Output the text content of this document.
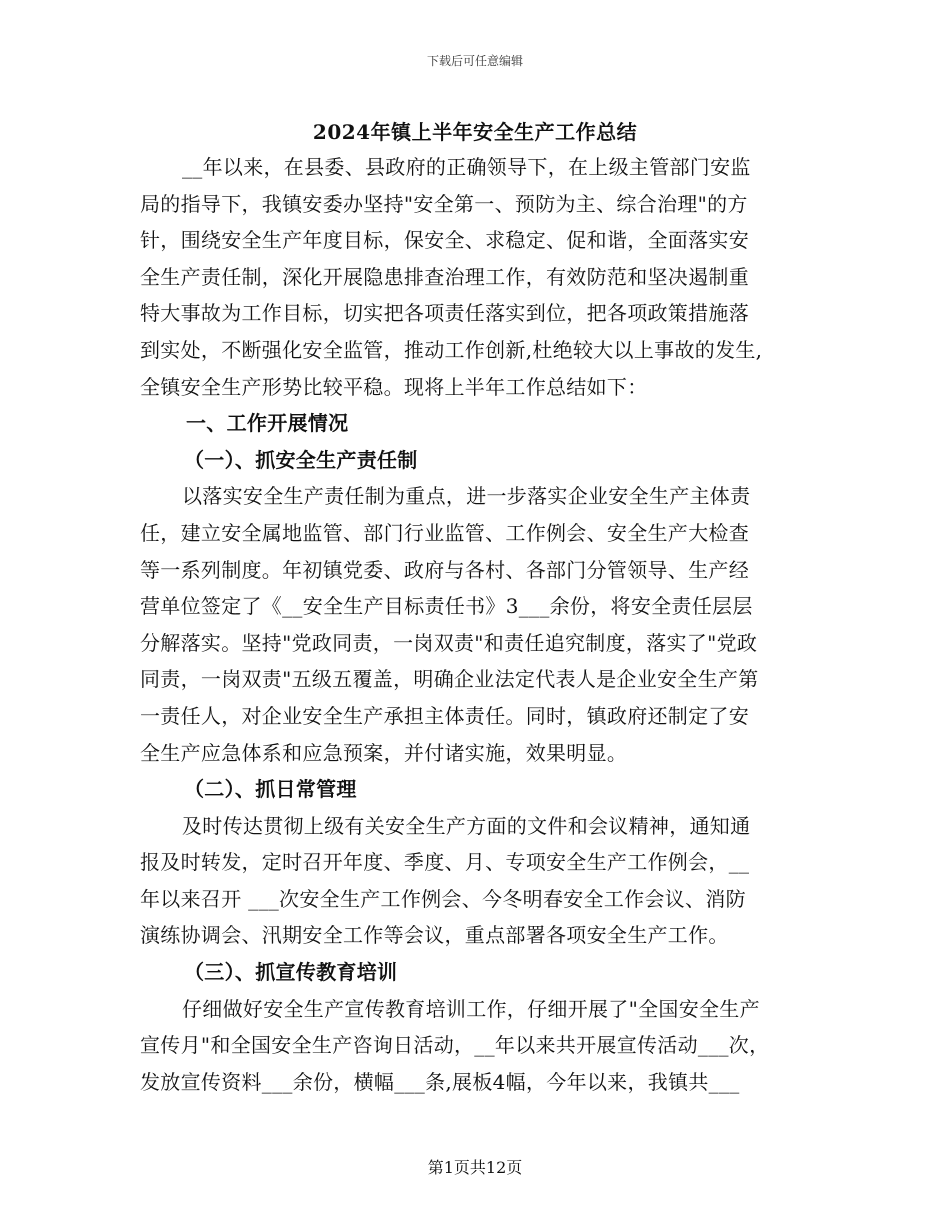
下载后可任意编辑
2024年镇上半年安全生产工作总结
__年以来，在县委、县政府的正确领导下，在上级主管部门安监
局的指导下，我镇安委办坚持"安全第一、预防为主、综合治理"的方
针，围绕安全生产年度目标，保安全、求稳定、促和谐，全面落实安
全生产责任制，深化开展隐患排查治理工作，有效防范和坚决遏制重
特大事故为工作目标，切实把各项责任落实到位，把各项政策措施落
到实处，不断强化安全监管，推动工作创新,杜绝较大以上事故的发生,
全镇安全生产形势比较平稳。现将上半年工作总结如下：
一、工作开展情况
（一）、抓安全生产责任制
以落实安全生产责任制为重点，进一步落实企业安全生产主体责
任，建立安全属地监管、部门行业监管、工作例会、安全生产大检查
等一系列制度。年初镇党委、政府与各村、各部门分管领导、生产经
营单位签定了《__安全生产目标责任书》3___余份，将安全责任层层
分解落实。坚持"党政同责，一岗双责"和责任追究制度，落实了"党政
同责，一岗双责"五级五覆盖，明确企业法定代表人是企业安全生产第
一责任人，对企业安全生产承担主体责任。同时，镇政府还制定了安
全生产应急体系和应急预案，并付诸实施，效果明显。
（二）、抓日常管理
及时传达贯彻上级有关安全生产方面的文件和会议精神，通知通
报及时转发，定时召开年度、季度、月、专项安全生产工作例会，__
年以来召开 ___次安全生产工作例会、今冬明春安全工作会议、消防
演练协调会、汛期安全工作等会议，重点部署各项安全生产工作。
（三）、抓宣传教育培训
仔细做好安全生产宣传教育培训工作，仔细开展了"全国安全生产
宣传月"和全国安全生产咨询日活动，__年以来共开展宣传活动___次，
发放宣传资料___余份，横幅___条,展板4幅，今年以来，我镇共___
第1页共12页
